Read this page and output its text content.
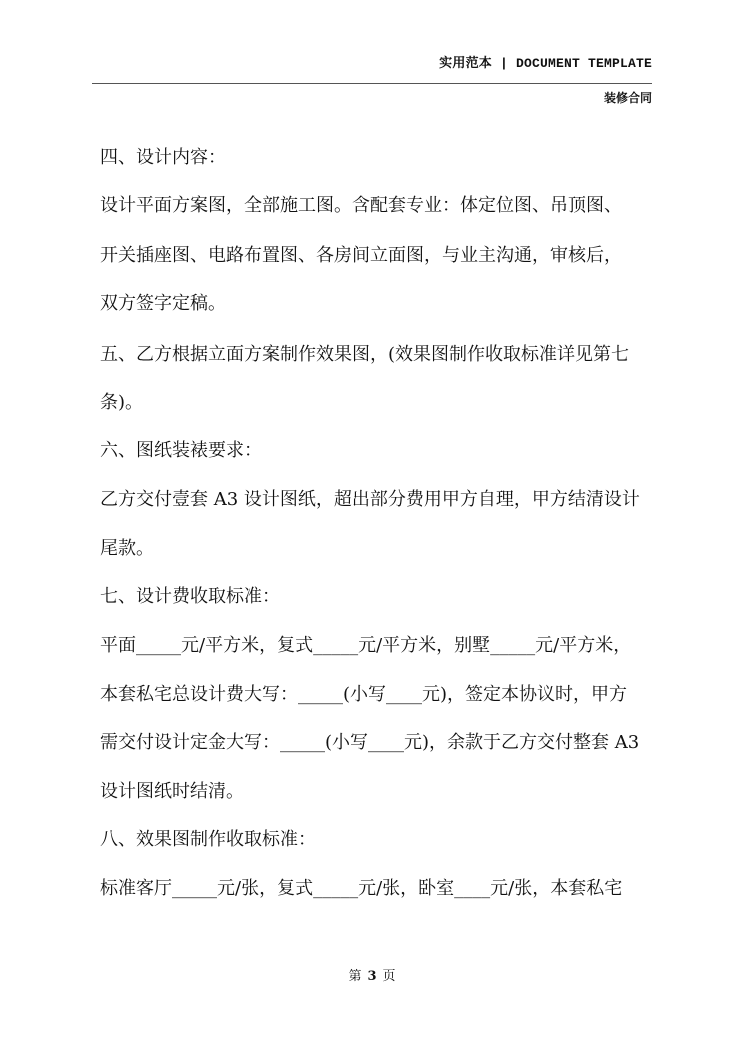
实用范本 | DOCUMENT TEMPLATE
装修合同
四、设计内容：
设计平面方案图，全部施工图。含配套专业：体定位图、吊顶图、
开关插座图、电路布置图、各房间立面图，与业主沟通，审核后，
双方签字定稿。
五、乙方根据立面方案制作效果图，(效果图制作收取标准详见第七
条)。
六、图纸装裱要求：
乙方交付壹套 A3 设计图纸，超出部分费用甲方自理，甲方结清设计
尾款。
七、设计费收取标准：
平面_____元/平方米，复式_____元/平方米，别墅_____元/平方米，
本套私宅总设计费大写：_____(小写____元)，签定本协议时，甲方
需交付设计定金大写：_____(小写____元)，余款于乙方交付整套 A3
设计图纸时结清。
八、效果图制作收取标准：
标准客厅_____元/张，复式_____元/张，卧室____元/张，本套私宅
第 3 页
